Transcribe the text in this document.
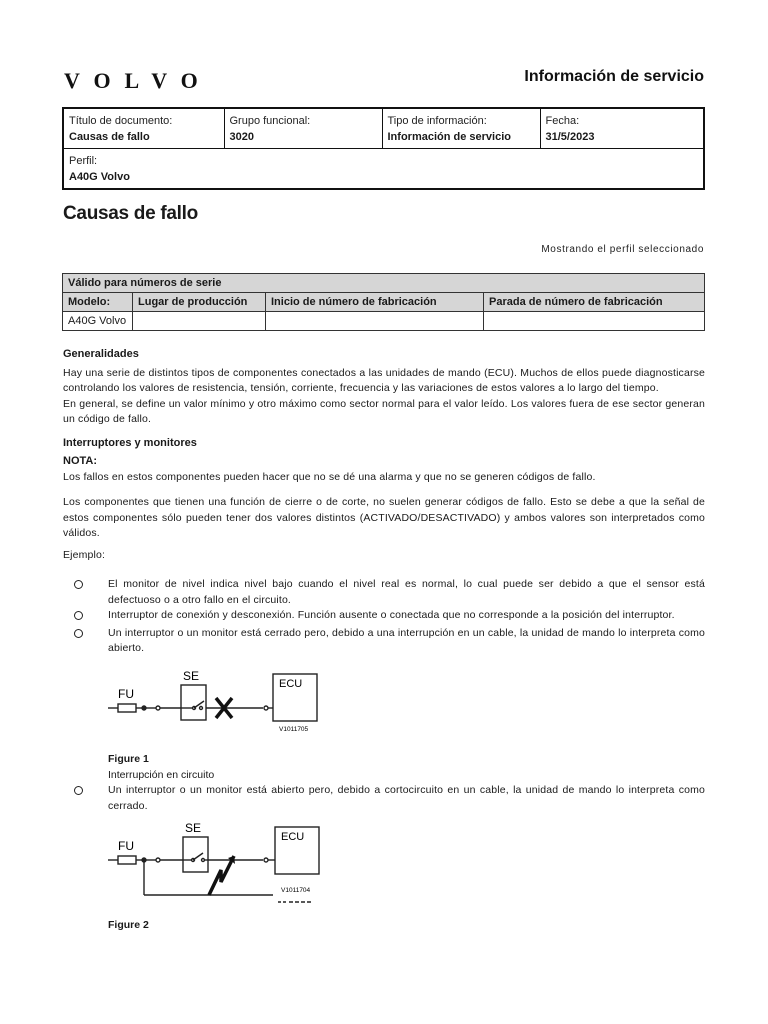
VOLVO	Información de servicio
Título de documento:
Causas de fallo

Grupo funcional:
3020

Tipo de información:
Información de servicio

Fecha:
31/5/2023

Perfil:
A40G Volvo
Causas de fallo
Mostrando el perfil seleccionado
Válido para números de serie			
Modelo:	Lugar de producción	Inicio de número de fabricación	Parada de número de fabricación
A40G Volvo			
Generalidades

Hay una serie de distintos tipos de componentes conectados a las unidades de mando (ECU). Muchos de ellos puede diagnosticarse controlando los valores de resistencia, tensión, corriente, frecuencia y las variaciones de estos valores a lo largo del tiempo.

En general, se define un valor mínimo y otro máximo como sector normal para el valor leído. Los valores fuera de ese sector generan un código de fallo.

Interruptores y monitores
NOTA:

Los fallos en estos componentes pueden hacer que no se dé una alarma y que no se generen códigos de fallo.

Los componentes que tienen una función de cierre o de corte, no suelen generar códigos de fallo. Esto se debe a que la señal de estos componentes sólo pueden tener dos valores distintos (ACTIVADO/DESACTIVADO) y ambos valores son interpretados como válidos.

Ejemplo:

El monitor de nivel indica nivel bajo cuando el nivel real es normal, lo cual puede ser debido a que el sensor está defectuoso o a otro fallo en el circuito.
Interruptor de conexión y desconexión. Función ausente o conectada que no corresponde a la posición del interruptor.
Un interruptor o un monitor está cerrado pero, debido a una interrupción en un cable, la unidad de mando lo interpreta como abierto.
FU
SE
ECU
V1011705
Figure 1
Interrupción en circuito
Un interruptor o un monitor está abierto pero, debido a cortocircuito en un cable, la unidad de mando lo interpreta como cerrado.
FU
SE
ECU
V1011704
Figure 2
